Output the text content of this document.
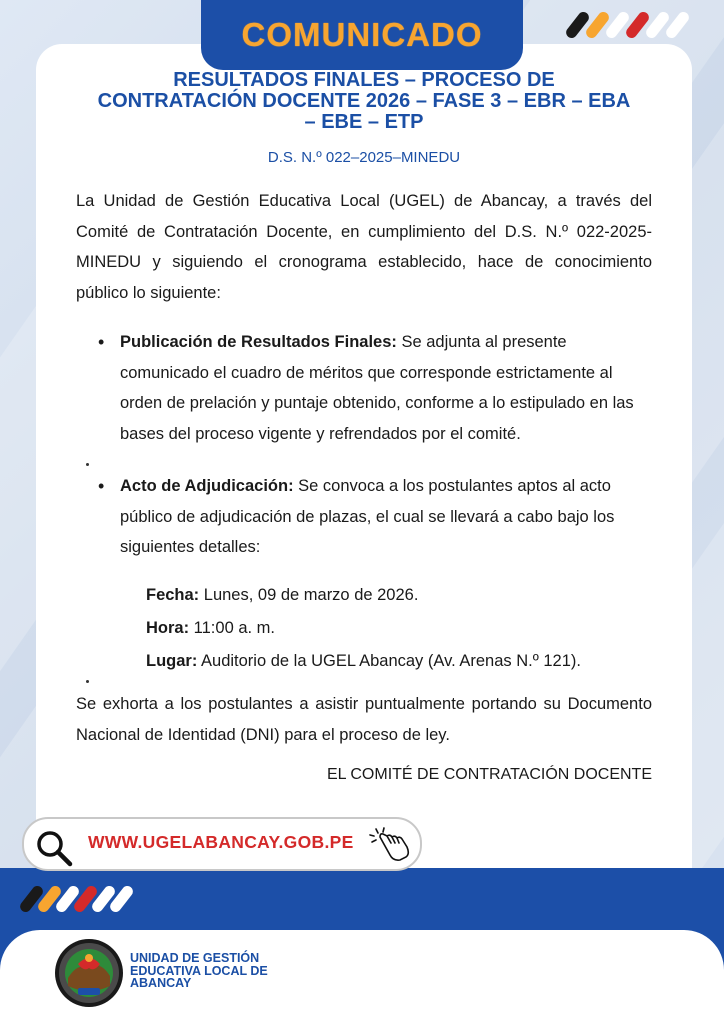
COMUNICADO
RESULTADOS FINALES – PROCESO DE
CONTRATACIÓN DOCENTE 2026 – FASE 3 – EBR – EBA
– EBE – ETP
D.S. N.º 022–2025–MINEDU
La Unidad de Gestión Educativa Local (UGEL) de Abancay, a través del Comité de Contratación Docente, en cumplimiento del D.S. N.º 022-2025-MINEDU y siguiendo el cronograma establecido, hace de conocimiento público lo siguiente:
• Publicación de Resultados Finales: Se adjunta al presente comunicado el cuadro de méritos que corresponde estrictamente al orden de prelación y puntaje obtenido, conforme a lo estipulado en las bases del proceso vigente y refrendados por el comité.
• Acto de Adjudicación: Se convoca a los postulantes aptos al acto público de adjudicación de plazas, el cual se llevará a cabo bajo los siguientes detalles:
Fecha: Lunes, 09 de marzo de 2026.
Hora: 11:00 a. m.
Lugar: Auditorio de la UGEL Abancay (Av. Arenas N.º 121).
Se exhorta a los postulantes a asistir puntualmente portando su Documento Nacional de Identidad (DNI) para el proceso de ley.
EL COMITÉ DE CONTRATACIÓN DOCENTE
WWW.UGELABANCAY.GOB.PE
UNIDAD DE GESTIÓN
EDUCATIVA LOCAL DE
ABANCAY
